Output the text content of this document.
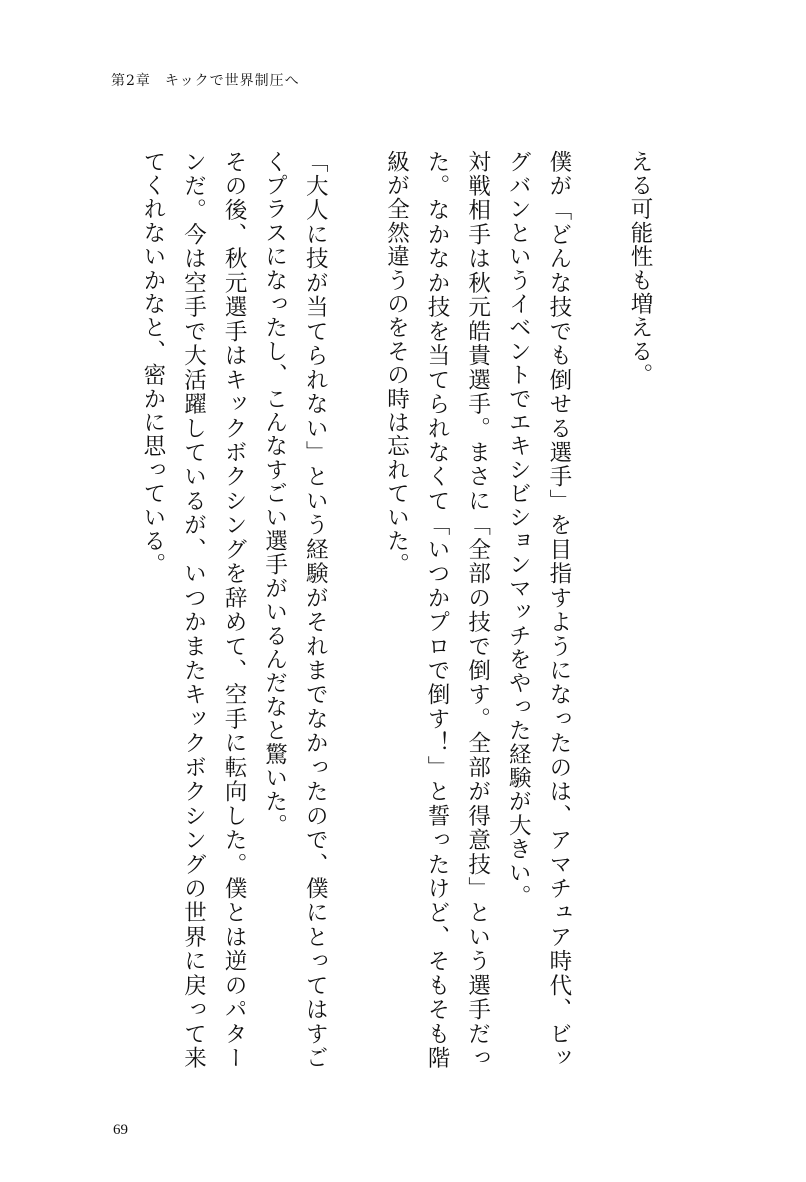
第2章 キックで世界制圧へ

える可能性も増える。

僕が「どんな技でも倒せる選手」を目指すようになったのは、アマチュア時代、ビッグバンというイベントでエキシビションマッチをやった経験が大きい。

対戦相手は秋元皓貴選手。まさに「全部の技で倒す。全部が得意技」という選手だった。なかなか技を当てられなくて「いつかプロで倒す！」と誓ったけど、そもそも階級が全然違うのをその時は忘れていた。

「大人に技が当てられない」という経験がそれまでなかったので、僕にとってはすごくプラスになったし、こんなすごい選手がいるんだなと驚いた。

その後、秋元選手はキックボクシングを辞めて、空手に転向した。僕とは逆のパターンだ。今は空手で大活躍しているが、いつかまたキックボクシングの世界に戻って来てくれないかなと、密かに思っている。

69
